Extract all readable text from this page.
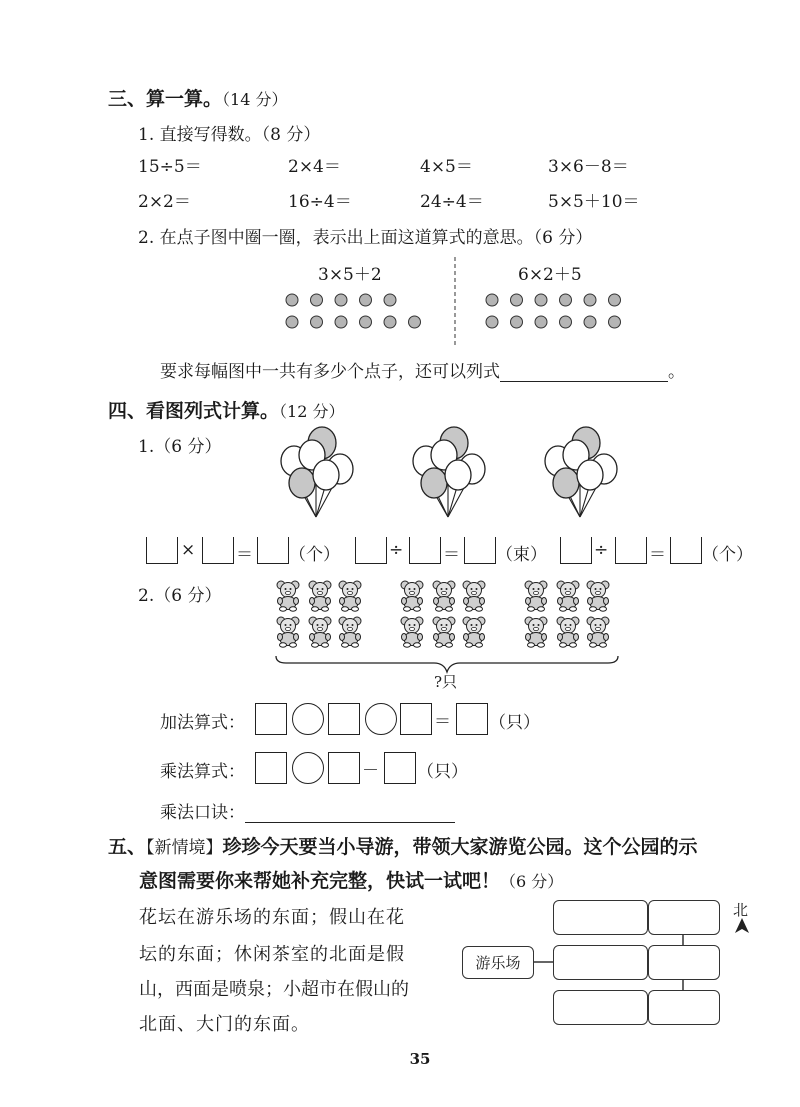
三、算一算。（14 分）
1. 直接写得数。（8 分）
15÷5＝	2×4＝	4×5＝	3×6－8＝
2×2＝	16÷4＝	24÷4＝	5×5＋10＝
2. 在点子图中圈一圈，表示出上面这道算式的意思。（6 分）
3×5＋2	6×2＋5
要求每幅图中一共有多少个点子，还可以列式	。
四、看图列式计算。（12 分）
1.（6 分）
× ＝ （个）	÷ ＝ （束）	÷ ＝ （个）
2.（6 分）
?只
加法算式：	＝ （只）
乘法算式：	－ （只）
乘法口诀：
五、【新情境】珍珍今天要当小导游，带领大家游览公园。这个公园的示
意图需要你来帮她补充完整，快试一试吧！（6 分）
花坛在游乐场的东面；假山在花
坛的东面；休闲茶室的北面是假
山，西面是喷泉；小超市在假山的
北面、大门的东面。
游乐场
北
35
